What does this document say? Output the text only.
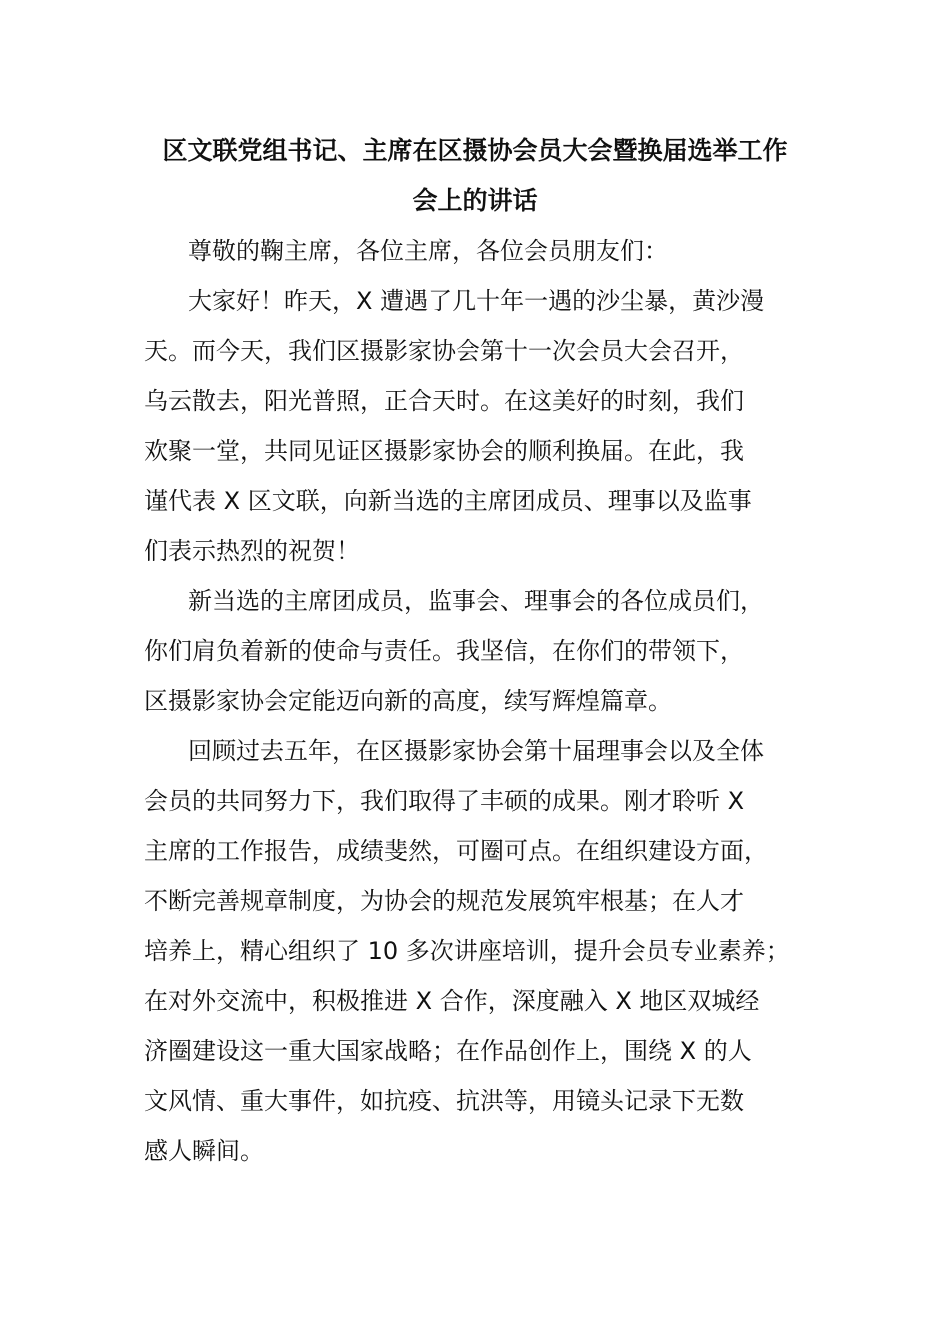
区文联党组书记、主席在区摄协会员大会暨换届选举工作
会上的讲话
尊敬的鞠主席，各位主席，各位会员朋友们：
大家好！昨天，X 遭遇了几十年一遇的沙尘暴，黄沙漫
天。而今天，我们区摄影家协会第十一次会员大会召开，
乌云散去，阳光普照，正合天时。在这美好的时刻，我们
欢聚一堂，共同见证区摄影家协会的顺利换届。在此，我
谨代表 X 区文联，向新当选的主席团成员、理事以及监事
们表示热烈的祝贺！
新当选的主席团成员，监事会、理事会的各位成员们，
你们肩负着新的使命与责任。我坚信，在你们的带领下，
区摄影家协会定能迈向新的高度，续写辉煌篇章。
回顾过去五年，在区摄影家协会第十届理事会以及全体
会员的共同努力下，我们取得了丰硕的成果。刚才聆听 X
主席的工作报告，成绩斐然，可圈可点。在组织建设方面，
不断完善规章制度，为协会的规范发展筑牢根基；在人才
培养上，精心组织了 10 多次讲座培训，提升会员专业素养；
在对外交流中，积极推进 X 合作，深度融入 X 地区双城经
济圈建设这一重大国家战略；在作品创作上，围绕 X 的人
文风情、重大事件，如抗疫、抗洪等，用镜头记录下无数
感人瞬间。
